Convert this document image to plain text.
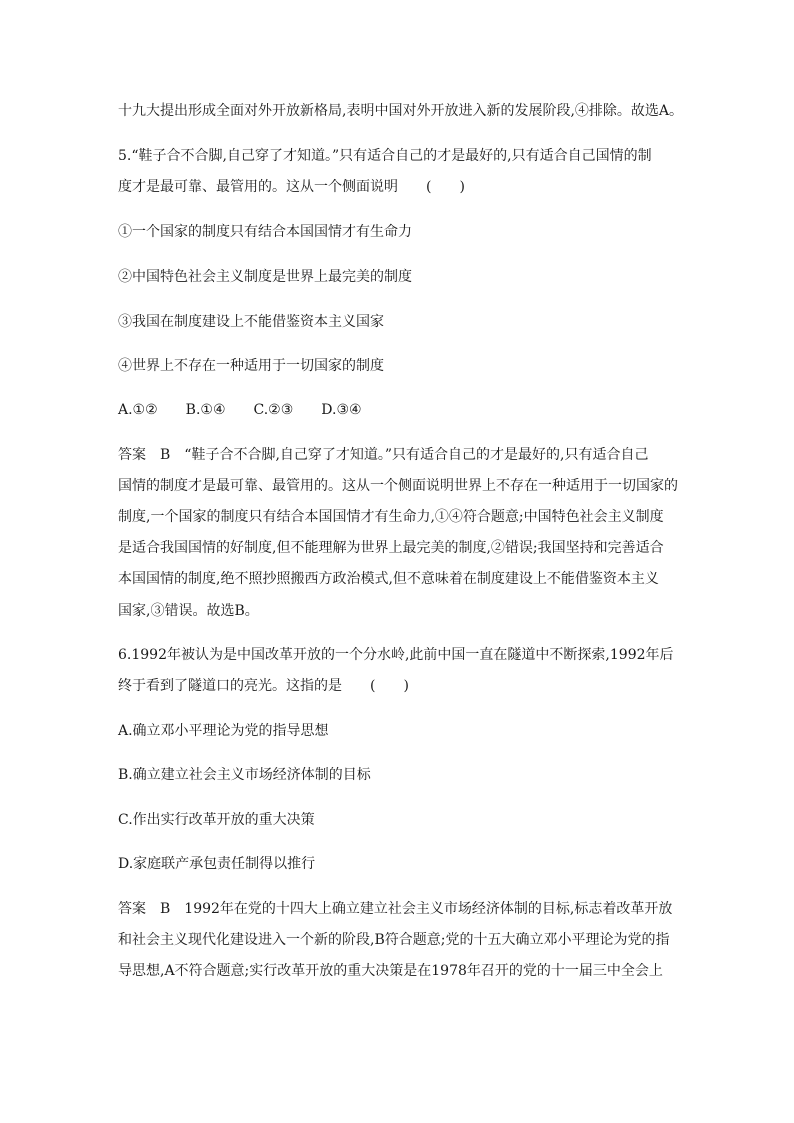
十九大提出形成全面对外开放新格局,表明中国对外开放进入新的发展阶段,④排除。故选A。
5.“鞋子合不合脚,自己穿了才知道。”只有适合自己的才是最好的,只有适合自己国情的制
度才是最可靠、最管用的。这从一个侧面说明　　(　　)
①一个国家的制度只有结合本国国情才有生命力
②中国特色社会主义制度是世界上最完美的制度
③我国在制度建设上不能借鉴资本主义国家
④世界上不存在一种适用于一切国家的制度
A.①②　　B.①④　　C.②③　　D.③④
答案　B　“鞋子合不合脚,自己穿了才知道。”只有适合自己的才是最好的,只有适合自己
国情的制度才是最可靠、最管用的。这从一个侧面说明世界上不存在一种适用于一切国家的
制度,一个国家的制度只有结合本国国情才有生命力,①④符合题意;中国特色社会主义制度
是适合我国国情的好制度,但不能理解为世界上最完美的制度,②错误;我国坚持和完善适合
本国国情的制度,绝不照抄照搬西方政治模式,但不意味着在制度建设上不能借鉴资本主义
国家,③错误。故选B。
6.1992年被认为是中国改革开放的一个分水岭,此前中国一直在隧道中不断探索,1992年后
终于看到了隧道口的亮光。这指的是　　(　　)
A.确立邓小平理论为党的指导思想
B.确立建立社会主义市场经济体制的目标
C.作出实行改革开放的重大决策
D.家庭联产承包责任制得以推行
答案　B　1992年在党的十四大上确立建立社会主义市场经济体制的目标,标志着改革开放
和社会主义现代化建设进入一个新的阶段,B符合题意;党的十五大确立邓小平理论为党的指
导思想,A不符合题意;实行改革开放的重大决策是在1978年召开的党的十一届三中全会上
